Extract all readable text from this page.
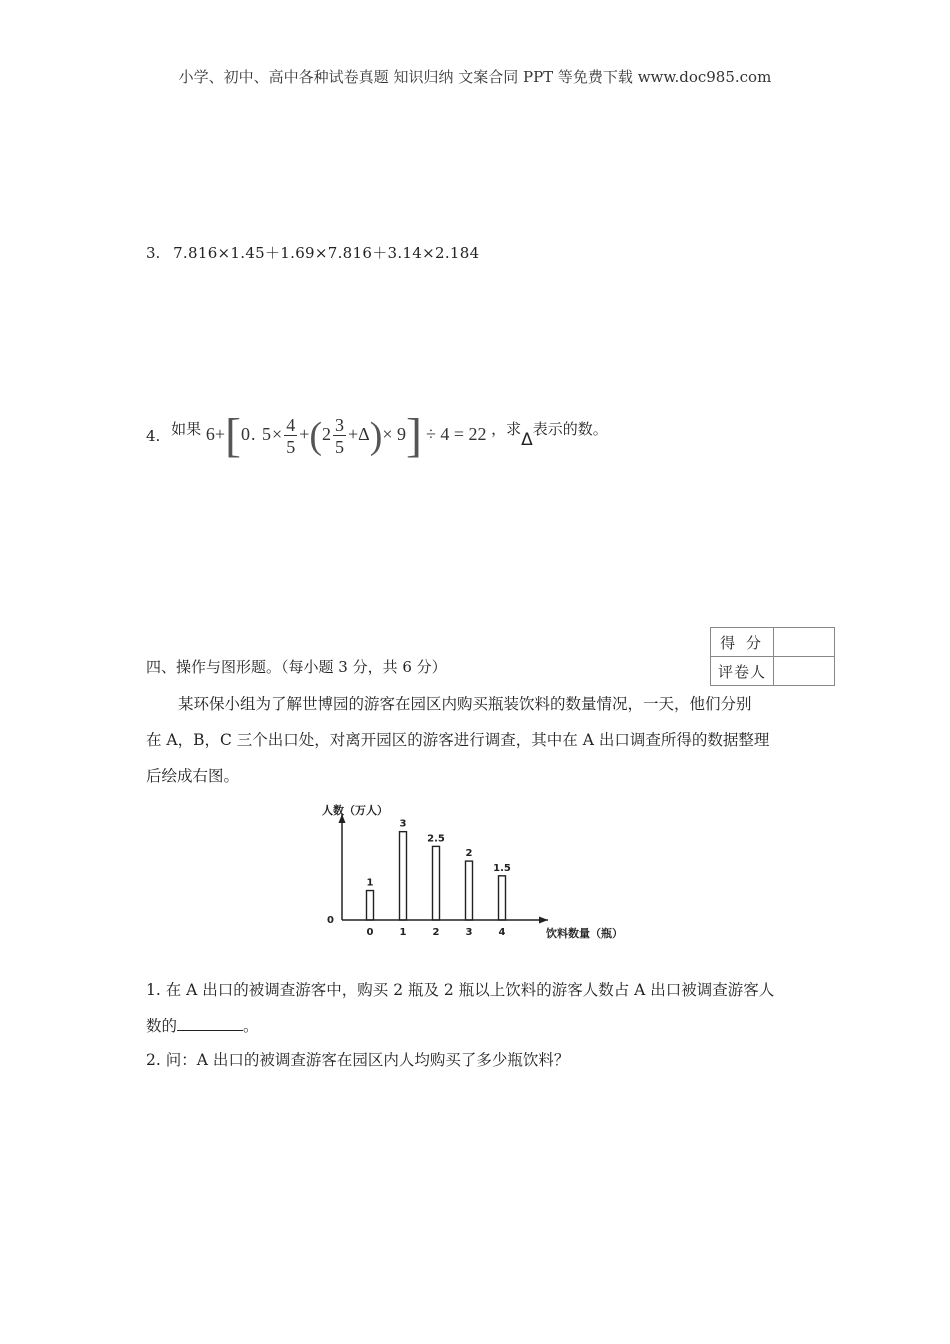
小学、初中、高中各种试卷真题 知识归纳 文案合同 PPT 等免费下载 www.doc985.com
3. 7.816×1.45＋1.69×7.816＋3.14×2.184
4. 如果 6+[0. $5\times \frac{4}{5} +(2 \frac{3}{5} +\Delta)\times 9] \div 4 = 22$ ，求Δ表示的数。
得 分	
评卷人	
四、操作与图形题。（每小题 3 分，共 6 分）
某环保小组为了解世博园的游客在园区内购买瓶装饮料的数量情况，一天，他们分别
在 A，B，C 三个出口处，对离开园区的游客进行调查，其中在 A 出口调查所得的数据整理
后绘成右图。
人数（万人）
饮料数量（瓶）
0
1
0
3
1
2.5
2
2
3
1.5
4
1. 在 A 出口的被调查游客中，购买 2 瓶及 2 瓶以上饮料的游客人数占 A 出口被调查游客人
数的	。
2. 问：A 出口的被调查游客在园区内人均购买了多少瓶饮料？
